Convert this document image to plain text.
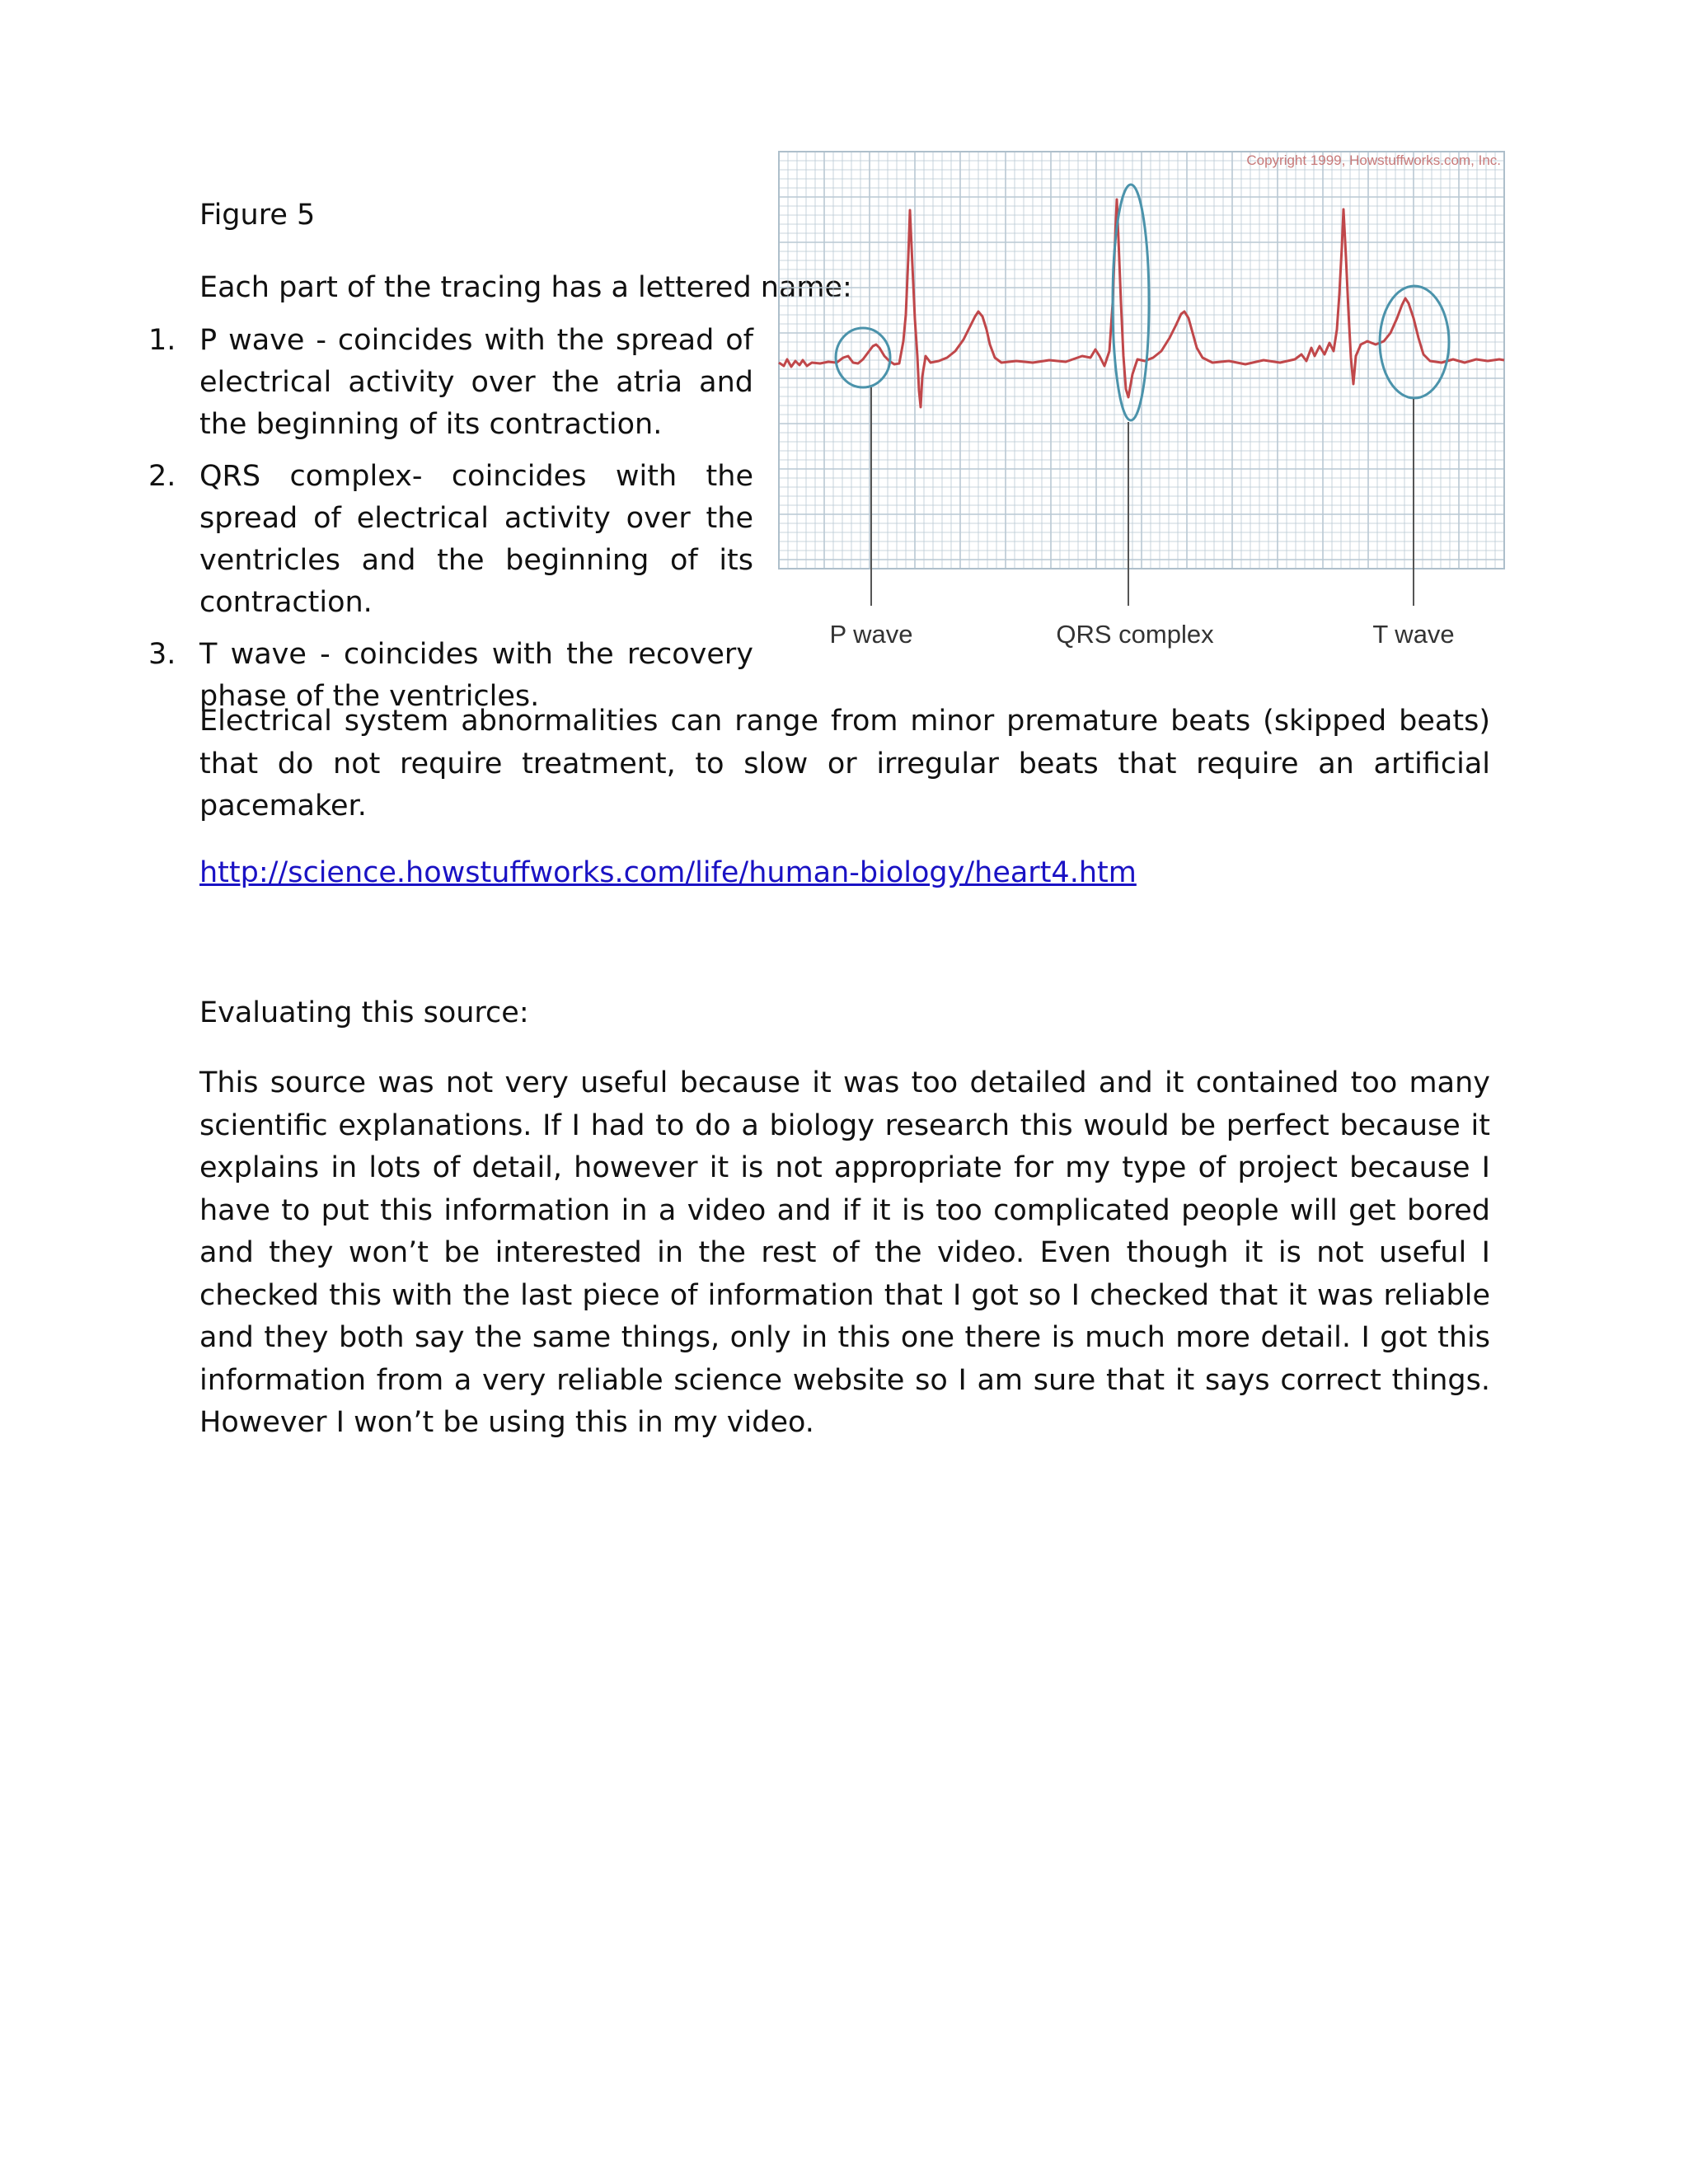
Figure 5
Each part of the tracing has a lettered name:
1. P wave - coincides with the spread of electrical activity over the atria and the beginning of its contraction.
2. QRS complex- coincides with the spread of electrical activity over the ventricles and the beginning of its contraction.
3. T wave - coincides with the recovery phase of the ventricles.
Copyright 1999, Howstuffworks.com, Inc.
P wave	QRS complex	T wave

Electrical system abnormalities can range from minor premature beats (skipped beats) that do not require treatment, to slow or irregular beats that require an artificial pacemaker.

http://science.howstuffworks.com/life/human-biology/heart4.htm
Evaluating this source:

This source was not very useful because it was too detailed and it contained too many scientific explanations. If I had to do a biology research this would be perfect because it explains in lots of detail, however it is not appropriate for my type of project because I have to put this information in a video and if it is too complicated people will get bored and they won’t be interested in the rest of the video. Even though it is not useful I checked this with the last piece of information that I got so I checked that it was reliable and they both say the same things, only in this one there is much more detail. I got this information from a very reliable science website so I am sure that it says correct things. However I won’t be using this in my video.
